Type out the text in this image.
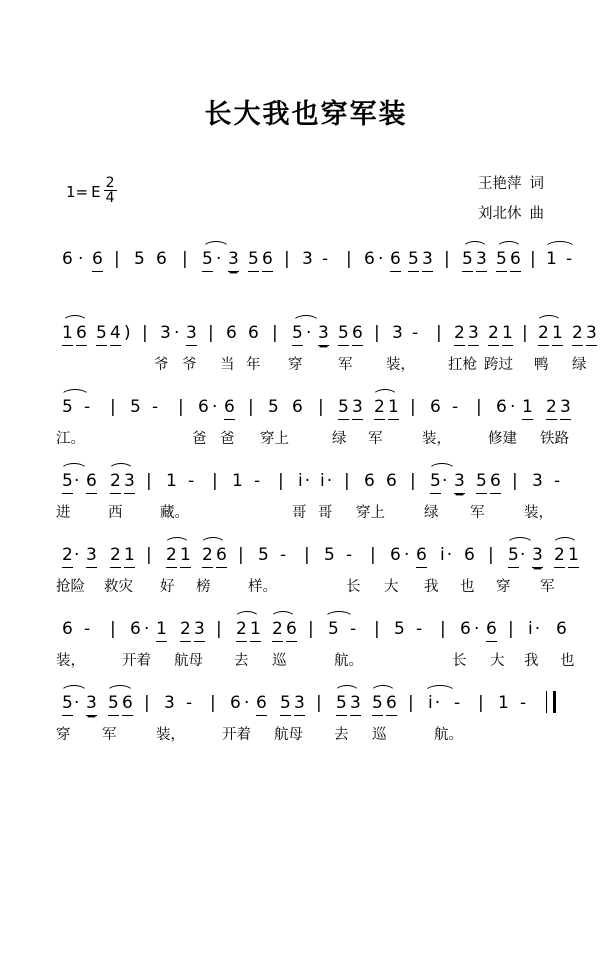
长大我也穿军装
1= E $\frac{2}{4}$	王艳萍 词
刘北休 曲
6 · 6 | 5 6 | 5 · 3 5 6 | 3 - | 6 · 6 5 3 | 5 3 5 6 | 1 -
1 6 5 4 ) | 3 · 3 | 6 6 | 5 · 3 5 6 | 3 - | 2 3 2 1 | 2 1 2 3
爷 爷 当 年 穿 军 装， 扛枪 跨过 鸭 绿
5 - | 5 - | 6 · 6 | 5 6 | 5 3 2 1 | 6 - | 6 · 1 2 3
江。	爸 爸 穿上	绿 军	装，	修建 铁路
5 · 6 2 3 | 1 - | 1 - | i ·	i ·	| 6 6 | 5 · 3 5 6 | 3 -
进	西	藏。	哥 哥 穿上	绿 军	装，
2 · 3 2 1 | 2 1 2 6 | 5 - | 5 - | 6 · 6 i ·	6 | 5 · 3 2 1
抢险 救灾 好 榜	样。	长 大 我 也 穿 军
6 - | 6 · 1 2 3 | 2 1 2 6 | 5 - | 5 - | 6 · 6 | i ·	6
装，	开着 航母 去 巡	航。	长 大 我 也
5 · 3 5 6 | 3 - | 6 · 6 5 3 | 5 3 5 6 | i ·	- | 1 -
穿 军	装，	开着 航母 去 巡	航。
